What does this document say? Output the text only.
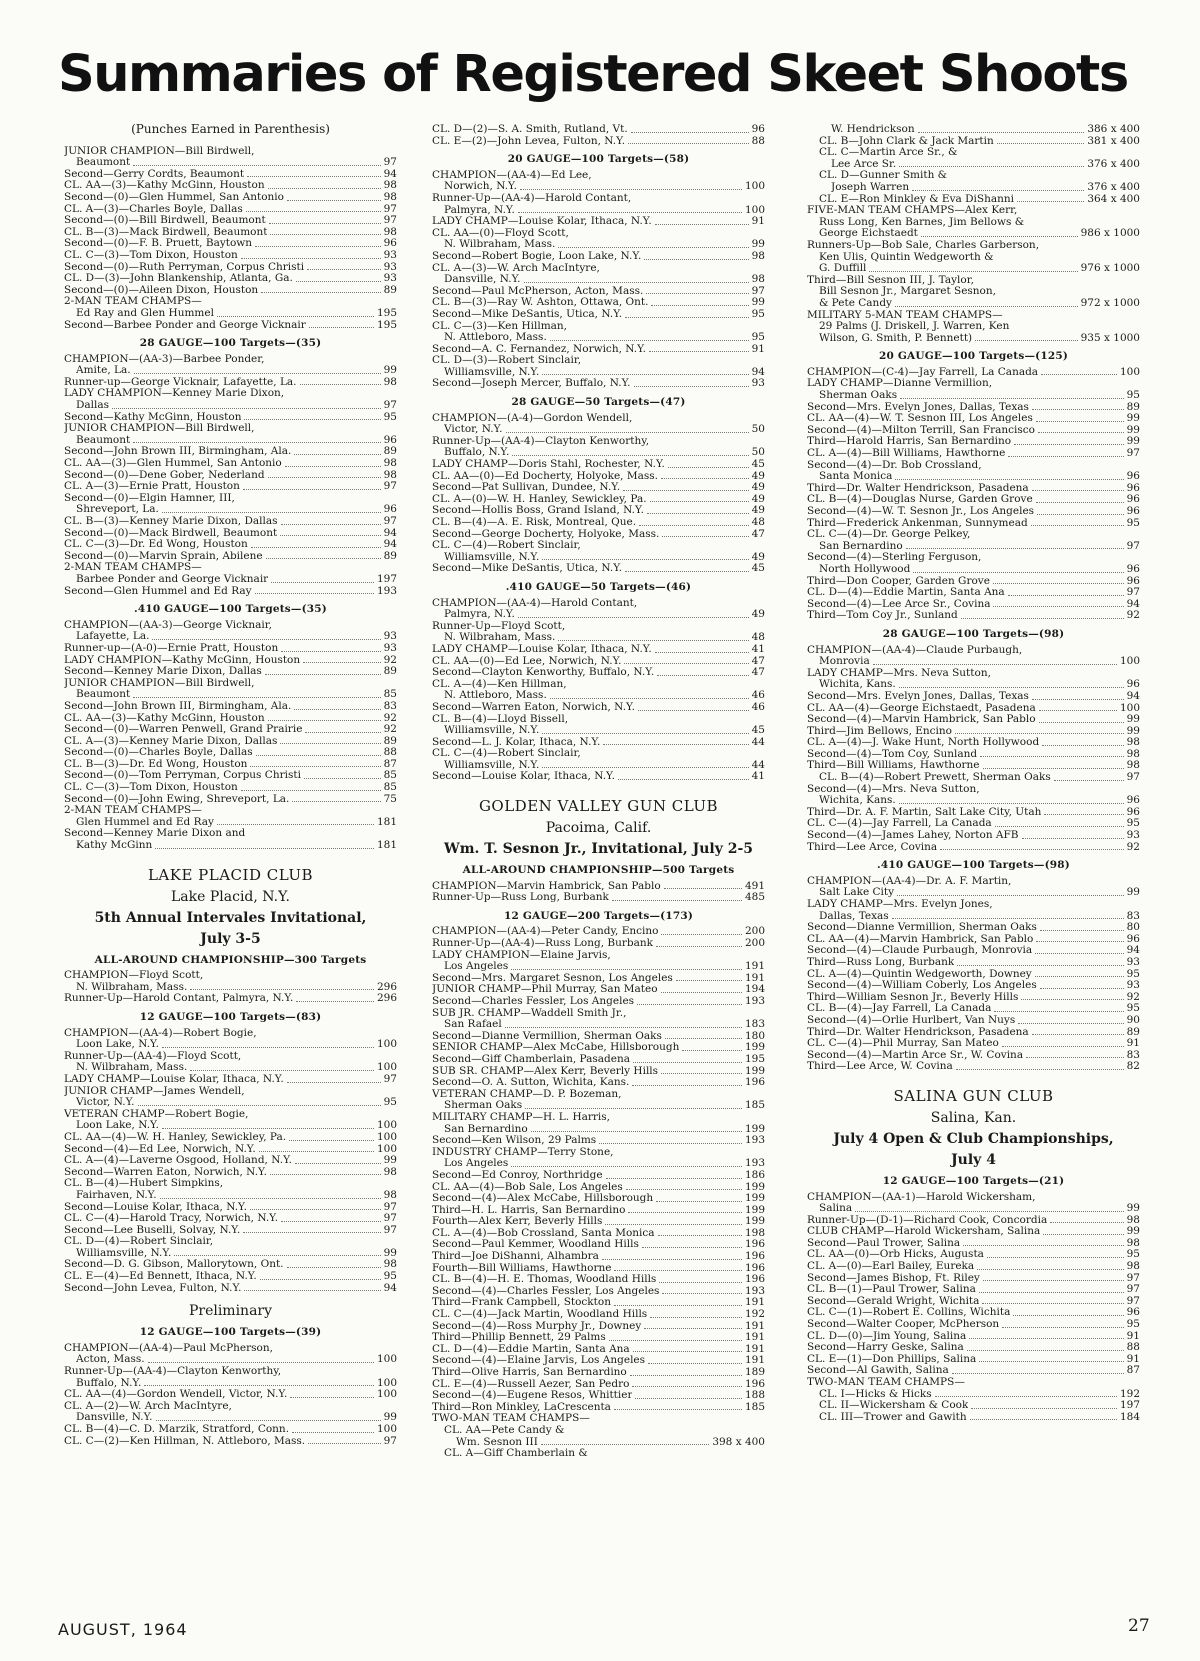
Summaries of Registered Skeet Shoots
(Punches Earned in Parenthesis)
JUNIOR CHAMPION—Bill Birdwell,
Beaumont	97
Second—Gerry Cordts, Beaumont	94
CL. AA—(3)—Kathy McGinn, Houston	98
Second—(0)—Glen Hummel, San Antonio	98
CL. A—(3)—Charles Boyle, Dallas	97
Second—(0)—Bill Birdwell, Beaumont	97
CL. B—(3)—Mack Birdwell, Beaumont	98
Second—(0)—F. B. Pruett, Baytown	96
CL. C—(3)—Tom Dixon, Houston	93
Second—(0)—Ruth Perryman, Corpus Christi	93
CL. D—(3)—John Blankenship, Atlanta, Ga.	93
Second—(0)—Aileen Dixon, Houston	89
2-MAN TEAM CHAMPS—
Ed Ray and Glen Hummel	195
Second—Barbee Ponder and George Vicknair	195
28 GAUGE—100 Targets—(35)
CHAMPION—(AA-3)—Barbee Ponder,
Amite, La.	99
Runner-up—George Vicknair, Lafayette, La.	98
LADY CHAMPION—Kenney Marie Dixon,
Dallas	97
Second—Kathy McGinn, Houston	95
JUNIOR CHAMPION—Bill Birdwell,
Beaumont	96
Second—John Brown III, Birmingham, Ala.	89
CL. AA—(3)—Glen Hummel, San Antonio	98
Second—(0)—Dene Gober, Nederland	98
CL. A—(3)—Ernie Pratt, Houston	97
Second—(0)—Elgin Hamner, III,
Shreveport, La.	96
CL. B—(3)—Kenney Marie Dixon, Dallas	97
Second—(0)—Mack Birdwell, Beaumont	94
CL. C—(3)—Dr. Ed Wong, Houston	94
Second—(0)—Marvin Sprain, Abilene	89
2-MAN TEAM CHAMPS—
Barbee Ponder and George Vicknair	197
Second—Glen Hummel and Ed Ray	193
.410 GAUGE—100 Targets—(35)
CHAMPION—(AA-3)—George Vicknair,
Lafayette, La.	93
Runner-up—(A-0)—Ernie Pratt, Houston	93
LADY CHAMPION—Kathy McGinn, Houston	92
Second—Kenney Marie Dixon, Dallas	89
JUNIOR CHAMPION—Bill Birdwell,
Beaumont	85
Second—John Brown III, Birmingham, Ala.	83
CL. AA—(3)—Kathy McGinn, Houston	92
Second—(0)—Warren Penwell, Grand Prairie	92
CL. A—(3)—Kenney Marie Dixon, Dallas	89
Second—(0)—Charles Boyle, Dallas	88
CL. B—(3)—Dr. Ed Wong, Houston	87
Second—(0)—Tom Perryman, Corpus Christi	85
CL. C—(3)—Tom Dixon, Houston	85
Second—(0)—John Ewing, Shreveport, La.	75
2-MAN TEAM CHAMPS—
Glen Hummel and Ed Ray	181
Second—Kenney Marie Dixon and
Kathy McGinn	181
LAKE PLACID CLUB
Lake Placid, N.Y.
5th Annual Intervales Invitational,
July 3-5
ALL-AROUND CHAMPIONSHIP—300 Targets
CHAMPION—Floyd Scott,
N. Wilbraham, Mass.	296
Runner-Up—Harold Contant, Palmyra, N.Y.	296
12 GAUGE—100 Targets—(83)
CHAMPION—(AA-4)—Robert Bogie,
Loon Lake, N.Y.	100
Runner-Up—(AA-4)—Floyd Scott,
N. Wilbraham, Mass.	100
LADY CHAMP—Louise Kolar, Ithaca, N.Y.	97
JUNIOR CHAMP—James Wendell,
Victor, N.Y.	95
VETERAN CHAMP—Robert Bogie,
Loon Lake, N.Y.	100
CL. AA—(4)—W. H. Hanley, Sewickley, Pa.	100
Second—(4)—Ed Lee, Norwich, N.Y.	100
CL. A—(4)—Laverne Osgood, Holland, N.Y.	99
Second—Warren Eaton, Norwich, N.Y.	98
CL. B—(4)—Hubert Simpkins,
Fairhaven, N.Y.	98
Second—Louise Kolar, Ithaca, N.Y.	97
CL. C—(4)—Harold Tracy, Norwich, N.Y.	97
Second—Lee Buselli, Solvay, N.Y.	97
CL. D—(4)—Robert Sinclair,
Williamsville, N.Y.	99
Second—D. G. Gibson, Mallorytown, Ont.	98
CL. E—(4)—Ed Bennett, Ithaca, N.Y.	95
Second—John Levea, Fulton, N.Y.	94
Preliminary
12 GAUGE—100 Targets—(39)
CHAMPION—(AA-4)—Paul McPherson,
Acton, Mass.	100
Runner-Up—(AA-4)—Clayton Kenworthy,
Buffalo, N.Y.	100
CL. AA—(4)—Gordon Wendell, Victor, N.Y.	100
CL. A—(2)—W. Arch MacIntyre,
Dansville, N.Y.	99
CL. B—(4)—C. D. Marzik, Stratford, Conn.	100
CL. C—(2)—Ken Hillman, N. Attleboro, Mass.	97
CL. D—(2)—S. A. Smith, Rutland, Vt.	96
CL. E—(2)—John Levea, Fulton, N.Y.	88
20 GAUGE—100 Targets—(58)
CHAMPION—(AA-4)—Ed Lee,
Norwich, N.Y.	100
Runner-Up—(AA-4)—Harold Contant,
Palmyra, N.Y.	100
LADY CHAMP—Louise Kolar, Ithaca, N.Y.	91
CL. AA—(0)—Floyd Scott,
N. Wilbraham, Mass.	99
Second—Robert Bogie, Loon Lake, N.Y.	98
CL. A—(3)—W. Arch MacIntyre,
Dansville, N.Y.	98
Second—Paul McPherson, Acton, Mass.	97
CL. B—(3)—Ray W. Ashton, Ottawa, Ont.	99
Second—Mike DeSantis, Utica, N.Y.	95
CL. C—(3)—Ken Hillman,
N. Attleboro, Mass.	95
Second—A. C. Fernandez, Norwich, N.Y.	91
CL. D—(3)—Robert Sinclair,
Williamsville, N.Y.	94
Second—Joseph Mercer, Buffalo, N.Y.	93
28 GAUGE—50 Targets—(47)
CHAMPION—(A-4)—Gordon Wendell,
Victor, N.Y.	50
Runner-Up—(AA-4)—Clayton Kenworthy,
Buffalo, N.Y.	50
LADY CHAMP—Doris Stahl, Rochester, N.Y.	45
CL. AA—(0)—Ed Docherty, Holyoke, Mass.	49
Second—Pat Sullivan, Dundee, N.Y.	49
CL. A—(0)—W. H. Hanley, Sewickley, Pa.	49
Second—Hollis Boss, Grand Island, N.Y.	49
CL. B—(4)—A. E. Risk, Montreal, Que.	48
Second—George Docherty, Holyoke, Mass.	47
CL. C—(4)—Robert Sinclair,
Williamsville, N.Y.	49
Second—Mike DeSantis, Utica, N.Y.	45
.410 GAUGE—50 Targets—(46)
CHAMPION—(AA-4)—Harold Contant,
Palmyra, N.Y.	49
Runner-Up—Floyd Scott,
N. Wilbraham, Mass.	48
LADY CHAMP—Louise Kolar, Ithaca, N.Y.	41
CL. AA—(0)—Ed Lee, Norwich, N.Y.	47
Second—Clayton Kenworthy, Buffalo, N.Y.	47
CL. A—(4)—Ken Hillman,
N. Attleboro, Mass.	46
Second—Warren Eaton, Norwich, N.Y.	46
CL. B—(4)—Lloyd Bissell,
Williamsville, N.Y.	45
Second—L. J. Kolar, Ithaca, N.Y.	44
CL. C—(4)—Robert Sinclair,
Williamsville, N.Y.	44
Second—Louise Kolar, Ithaca, N.Y.	41
GOLDEN VALLEY GUN CLUB
Pacoima, Calif.
Wm. T. Sesnon Jr., Invitational, July 2-5
ALL-AROUND CHAMPIONSHIP—500 Targets
CHAMPION—Marvin Hambrick, San Pablo	491
Runner-Up—Russ Long, Burbank	485
12 GAUGE—200 Targets—(173)
CHAMPION—(AA-4)—Peter Candy, Encino	200
Runner-Up—(AA-4)—Russ Long, Burbank	200
LADY CHAMPION—Elaine Jarvis,
Los Angeles	191
Second—Mrs. Margaret Sesnon, Los Angeles	191
JUNIOR CHAMP—Phil Murray, San Mateo	194
Second—Charles Fessler, Los Angeles	193
SUB JR. CHAMP—Waddell Smith Jr.,
San Rafael	183
Second—Dianne Vermillion, Sherman Oaks	180
SENIOR CHAMP—Alex McCabe, Hillsborough	199
Second—Giff Chamberlain, Pasadena	195
SUB SR. CHAMP—Alex Kerr, Beverly Hills	199
Second—O. A. Sutton, Wichita, Kans.	196
VETERAN CHAMP—D. P. Bozeman,
Sherman Oaks	185
MILITARY CHAMP—H. L. Harris,
San Bernardino	199
Second—Ken Wilson, 29 Palms	193
INDUSTRY CHAMP—Terry Stone,
Los Angeles	193
Second—Ed Conroy, Northridge	186
CL. AA—(4)—Bob Sale, Los Angeles	199
Second—(4)—Alex McCabe, Hillsborough	199
Third—H. L. Harris, San Bernardino	199
Fourth—Alex Kerr, Beverly Hills	199
CL. A—(4)—Bob Crossland, Santa Monica	198
Second—Paul Kemmer, Woodland Hills	196
Third—Joe DiShanni, Alhambra	196
Fourth—Bill Williams, Hawthorne	196
CL. B—(4)—H. E. Thomas, Woodland Hills	196
Second—(4)—Charles Fessler, Los Angeles	193
Third—Frank Campbell, Stockton	191
CL. C—(4)—Jack Martin, Woodland Hills	192
Second—(4)—Ross Murphy Jr., Downey	191
Third—Phillip Bennett, 29 Palms	191
CL. D—(4)—Eddie Martin, Santa Ana	191
Second—(4)—Elaine Jarvis, Los Angeles	191
Third—Olive Harris, San Bernardino	189
CL. E—(4)—Russell Aezer, San Pedro	196
Second—(4)—Eugene Resos, Whittier	188
Third—Ron Minkley, LaCrescenta	185
TWO-MAN TEAM CHAMPS—
CL. AA—Pete Candy &
Wm. Sesnon III	398 x 400
CL. A—Giff Chamberlain &
W. Hendrickson	386 x 400
CL. B—John Clark & Jack Martin	381 x 400
CL. C—Martin Arce Sr., &
Lee Arce Sr.	376 x 400
CL. D—Gunner Smith &
Joseph Warren	376 x 400
CL. E—Ron Minkley & Eva DiShanni	364 x 400
FIVE-MAN TEAM CHAMPS—Alex Kerr,
Russ Long, Ken Barnes, Jim Bellows &
George Eichstaedt	986 x 1000
Runners-Up—Bob Sale, Charles Garberson,
Ken Ulis, Quintin Wedgeworth &
G. Duffill	976 x 1000
Third—Bill Sesnon III, J. Taylor,
Bill Sesnon Jr., Margaret Sesnon,
& Pete Candy	972 x 1000
MILITARY 5-MAN TEAM CHAMPS—
29 Palms (J. Driskell, J. Warren, Ken
Wilson, G. Smith, P. Bennett)	935 x 1000
20 GAUGE—100 Targets—(125)
CHAMPION—(C-4)—Jay Farrell, La Canada	100
LADY CHAMP—Dianne Vermillion,
Sherman Oaks	95
Second—Mrs. Evelyn Jones, Dallas, Texas	89
CL. AA—(4)—W. T. Sesnon III, Los Angeles	99
Second—(4)—Milton Terrill, San Francisco	99
Third—Harold Harris, San Bernardino	99
CL. A—(4)—Bill Williams, Hawthorne	97
Second—(4)—Dr. Bob Crossland,
Santa Monica	96
Third—Dr. Walter Hendrickson, Pasadena	96
CL. B—(4)—Douglas Nurse, Garden Grove	96
Second—(4)—W. T. Sesnon Jr., Los Angeles	96
Third—Frederick Ankenman, Sunnymead	95
CL. C—(4)—Dr. George Pelkey,
San Bernardino	97
Second—(4)—Sterling Ferguson,
North Hollywood	96
Third—Don Cooper, Garden Grove	96
CL. D—(4)—Eddie Martin, Santa Ana	97
Second—(4)—Lee Arce Sr., Covina	94
Third—Tom Coy Jr., Sunland	92
28 GAUGE—100 Targets—(98)
CHAMPION—(AA-4)—Claude Purbaugh,
Monrovia	100
LADY CHAMP—Mrs. Neva Sutton,
Wichita, Kans.	96
Second—Mrs. Evelyn Jones, Dallas, Texas	94
CL. AA—(4)—George Eichstaedt, Pasadena	100
Second—(4)—Marvin Hambrick, San Pablo	99
Third—Jim Bellows, Encino	99
CL. A—(4)—J. Wake Hunt, North Hollywood	98
Second—(4)—Tom Coy, Sunland	98
Third—Bill Williams, Hawthorne	98
CL. B—(4)—Robert Prewett, Sherman Oaks	97
Second—(4)—Mrs. Neva Sutton,
Wichita, Kans.	96
Third—Dr. A. F. Martin, Salt Lake City, Utah	96
CL. C—(4)—Jay Farrell, La Canada	95
Second—(4)—James Lahey, Norton AFB	93
Third—Lee Arce, Covina	92
.410 GAUGE—100 Targets—(98)
CHAMPION—(AA-4)—Dr. A. F. Martin,
Salt Lake City	99
LADY CHAMP—Mrs. Evelyn Jones,
Dallas, Texas	83
Second—Dianne Vermillion, Sherman Oaks	80
CL. AA—(4)—Marvin Hambrick, San Pablo	96
Second—(4)—Claude Purbaugh, Monrovia	94
Third—Russ Long, Burbank	93
CL. A—(4)—Quintin Wedgeworth, Downey	95
Second—(4)—William Coberly, Los Angeles	93
Third—William Sesnon Jr., Beverly Hills	92
CL. B—(4)—Jay Farrell, La Canada	95
Second—(4)—Orlie Hurlbert, Van Nuys	90
Third—Dr. Walter Hendrickson, Pasadena	89
CL. C—(4)—Phil Murray, San Mateo	91
Second—(4)—Martin Arce Sr., W. Covina	83
Third—Lee Arce, W. Covina	82
SALINA GUN CLUB
Salina, Kan.
July 4 Open & Club Championships,
July 4
12 GAUGE—100 Targets—(21)
CHAMPION—(AA-1)—Harold Wickersham,
Salina	99
Runner-Up—(D-1)—Richard Cook, Concordia	98
CLUB CHAMP—Harold Wickersham, Salina	99
Second—Paul Trower, Salina	98
CL. AA—(0)—Orb Hicks, Augusta	95
CL. A—(0)—Earl Bailey, Eureka	98
Second—James Bishop, Ft. Riley	97
CL. B—(1)—Paul Trower, Salina	97
Second—Gerald Wright, Wichita	97
CL. C—(1)—Robert E. Collins, Wichita	96
Second—Walter Cooper, McPherson	95
CL. D—(0)—Jim Young, Salina	91
Second—Harry Geske, Salina	88
CL. E—(1)—Don Phillips, Salina	91
Second—Al Gawith, Salina	87
TWO-MAN TEAM CHAMPS—
CL. I—Hicks & Hicks	192
CL. II—Wickersham & Cook	197
CL. III—Trower and Gawith	184
AUGUST, 1964	27
